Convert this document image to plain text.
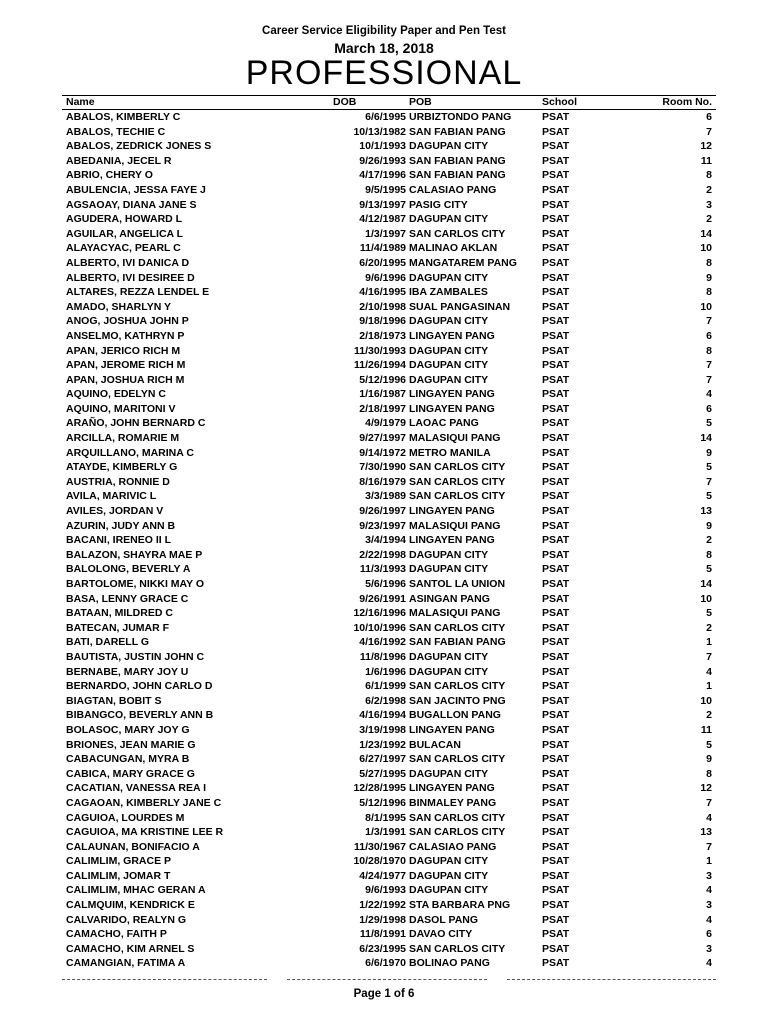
Career Service Eligibility Paper and Pen Test
March 18, 2018
PROFESSIONAL
Name	DOB	POB	School	Room No.
ABALOS, KIMBERLY C	6/6/1995 URBIZTONDO PANG	PSAT	6
ABALOS, TECHIE C	10/13/1982 SAN FABIAN PANG	PSAT	7
ABALOS, ZEDRICK JONES S	10/1/1993 DAGUPAN CITY	PSAT	12
ABEDANIA, JECEL R	9/26/1993 SAN FABIAN PANG	PSAT	11
ABRIO, CHERY O	4/17/1996 SAN FABIAN PANG	PSAT	8
ABULENCIA, JESSA FAYE J	9/5/1995 CALASIAO PANG	PSAT	2
AGSAOAY, DIANA JANE S	9/13/1997 PASIG CITY	PSAT	3
AGUDERA, HOWARD L	4/12/1987 DAGUPAN CITY	PSAT	2
AGUILAR, ANGELICA L	1/3/1997 SAN CARLOS CITY	PSAT	14
ALAYACYAC, PEARL C	11/4/1989 MALINAO AKLAN	PSAT	10
ALBERTO, IVI DANICA D	6/20/1995 MANGATAREM PANG PSAT	8
ALBERTO, IVI DESIREE D	9/6/1996 DAGUPAN CITY	PSAT	9
ALTARES, REZZA LENDEL E	4/16/1995 IBA ZAMBALES	PSAT	8
AMADO, SHARLYN Y	2/10/1998 SUAL PANGASINAN	PSAT	10
ANOG, JOSHUA JOHN P	9/18/1996 DAGUPAN CITY	PSAT	7
ANSELMO, KATHRYN P	2/18/1973 LINGAYEN PANG	PSAT	6
APAN, JERICO RICH M	11/30/1993 DAGUPAN CITY	PSAT	8
APAN, JEROME RICH M	11/26/1994 DAGUPAN CITY	PSAT	7
APAN, JOSHUA RICH M	5/12/1996 DAGUPAN CITY	PSAT	7
AQUINO, EDELYN C	1/16/1987 LINGAYEN PANG	PSAT	4
AQUINO, MARITONI V	2/18/1997 LINGAYEN PANG	PSAT	6
ARAÑO, JOHN BERNARD C	4/9/1979 LAOAC PANG	PSAT	5
ARCILLA, ROMARIE M	9/27/1997 MALASIQUI PANG	PSAT	14
ARQUILLANO, MARINA C	9/14/1972 METRO MANILA	PSAT	9
ATAYDE, KIMBERLY G	7/30/1990 SAN CARLOS CITY	PSAT	5
AUSTRIA, RONNIE D	8/16/1979 SAN CARLOS CITY	PSAT	7
AVILA, MARIVIC L	3/3/1989 SAN CARLOS CITY	PSAT	5
AVILES, JORDAN V	9/26/1997 LINGAYEN PANG	PSAT	13
AZURIN, JUDY ANN B	9/23/1997 MALASIQUI PANG	PSAT	9
BACANI, IRENEO II L	3/4/1994 LINGAYEN PANG	PSAT	2
BALAZON, SHAYRA MAE P	2/22/1998 DAGUPAN CITY	PSAT	8
BALOLONG, BEVERLY A	11/3/1993 DAGUPAN CITY	PSAT	5
BARTOLOME, NIKKI MAY O	5/6/1996 SANTOL LA UNION	PSAT	14
BASA, LENNY GRACE C	9/26/1991 ASINGAN PANG	PSAT	10
BATAAN, MILDRED C	12/16/1996 MALASIQUI PANG	PSAT	5
BATECAN, JUMAR F	10/10/1996 SAN CARLOS CITY	PSAT	2
BATI, DARELL G	4/16/1992 SAN FABIAN PANG	PSAT	1
BAUTISTA, JUSTIN JOHN C	11/8/1996 DAGUPAN CITY	PSAT	7
BERNABE, MARY JOY U	1/6/1996 DAGUPAN CITY	PSAT	4
BERNARDO, JOHN CARLO D	6/1/1999 SAN CARLOS CITY	PSAT	1
BIAGTAN, BOBIT S	6/2/1998 SAN JACINTO PNG	PSAT	10
BIBANGCO, BEVERLY ANN B	4/16/1994 BUGALLON PANG	PSAT	2
BOLASOC, MARY JOY G	3/19/1998 LINGAYEN PANG	PSAT	11
BRIONES, JEAN MARIE G	1/23/1992 BULACAN	PSAT	5
CABACUNGAN, MYRA B	6/27/1997 SAN CARLOS CITY	PSAT	9
CABICA, MARY GRACE G	5/27/1995 DAGUPAN CITY	PSAT	8
CACATIAN, VANESSA REA I	12/28/1995 LINGAYEN PANG	PSAT	12
CAGAOAN, KIMBERLY JANE C	5/12/1996 BINMALEY PANG	PSAT	7
CAGUIOA, LOURDES M	8/1/1995 SAN CARLOS CITY	PSAT	4
CAGUIOA, MA KRISTINE LEE R	1/3/1991 SAN CARLOS CITY	PSAT	13
CALAUNAN, BONIFACIO A	11/30/1967 CALASIAO PANG	PSAT	7
CALIMLIM, GRACE P	10/28/1970 DAGUPAN CITY	PSAT	1
CALIMLIM, JOMAR T	4/24/1977 DAGUPAN CITY	PSAT	3
CALIMLIM, MHAC GERAN A	9/6/1993 DAGUPAN CITY	PSAT	4
CALMQUIM, KENDRICK E	1/22/1992 STA BARBARA PNG	PSAT	3
CALVARIDO, REALYN G	1/29/1998 DASOL PANG	PSAT	4
CAMACHO, FAITH P	11/8/1991 DAVAO CITY	PSAT	6
CAMACHO, KIM ARNEL S	6/23/1995 SAN CARLOS CITY	PSAT	3
CAMANGIAN, FATIMA A	6/6/1970 BOLINAO PANG	PSAT	4
Page 1 of 6
